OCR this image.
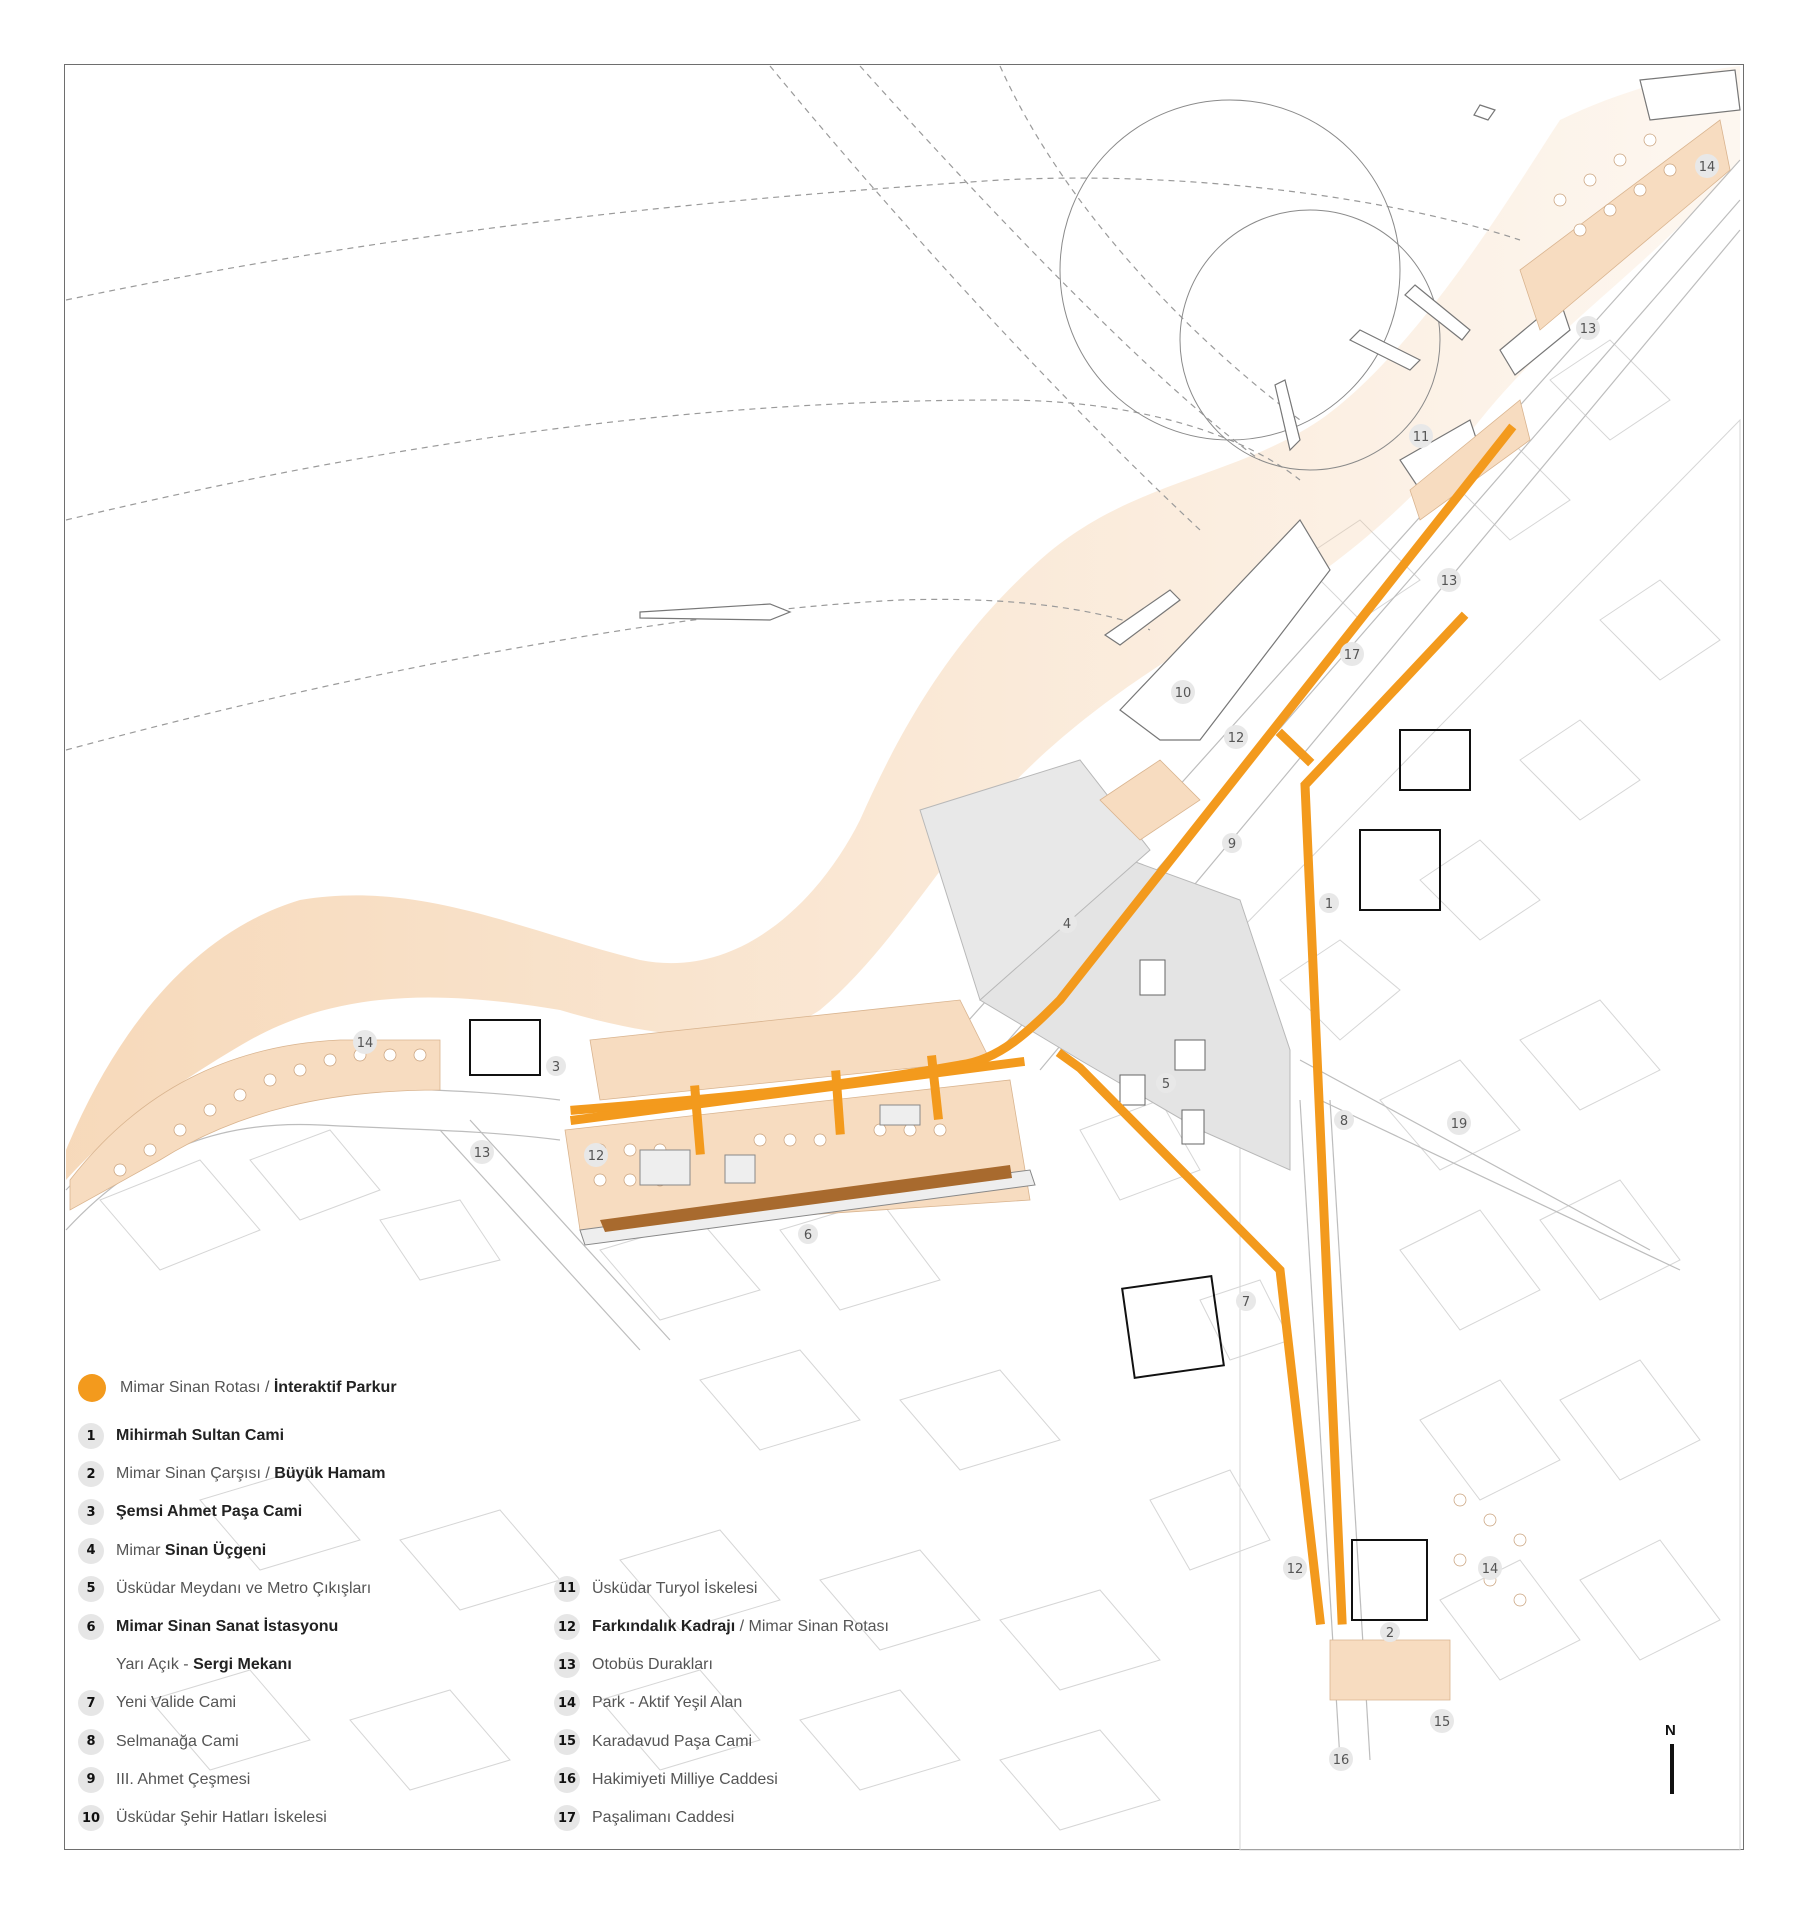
1
2
3
4
5
6
7
8
9
10
11
12
12
12
13
13
13
14
14
14
15
16
17
19
Mimar Sinan Rotası / İnteraktif Parkur
1	Mihirmah Sultan Cami
2	Mimar Sinan Çarşısı / Büyük Hamam
3	Şemsi Ahmet Paşa Cami
4	Mimar Sinan Üçgeni
5	Üsküdar Meydanı ve Metro Çıkışları
6	Mimar Sinan Sanat İstasyonu
Yarı Açık - Sergi Mekanı
7	Yeni Valide Cami
8	Selmanağa Cami
9	III. Ahmet Çeşmesi
10 Üsküdar Şehir Hatları İskelesi
11 Üsküdar Turyol İskelesi
12 Farkındalık Kadrajı / Mimar Sinan Rotası
13 Otobüs Durakları
14 Park - Aktif Yeşil Alan
15 Karadavud Paşa Cami
16 Hakimiyeti Milliye Caddesi
17 Paşalimanı Caddesi
N
